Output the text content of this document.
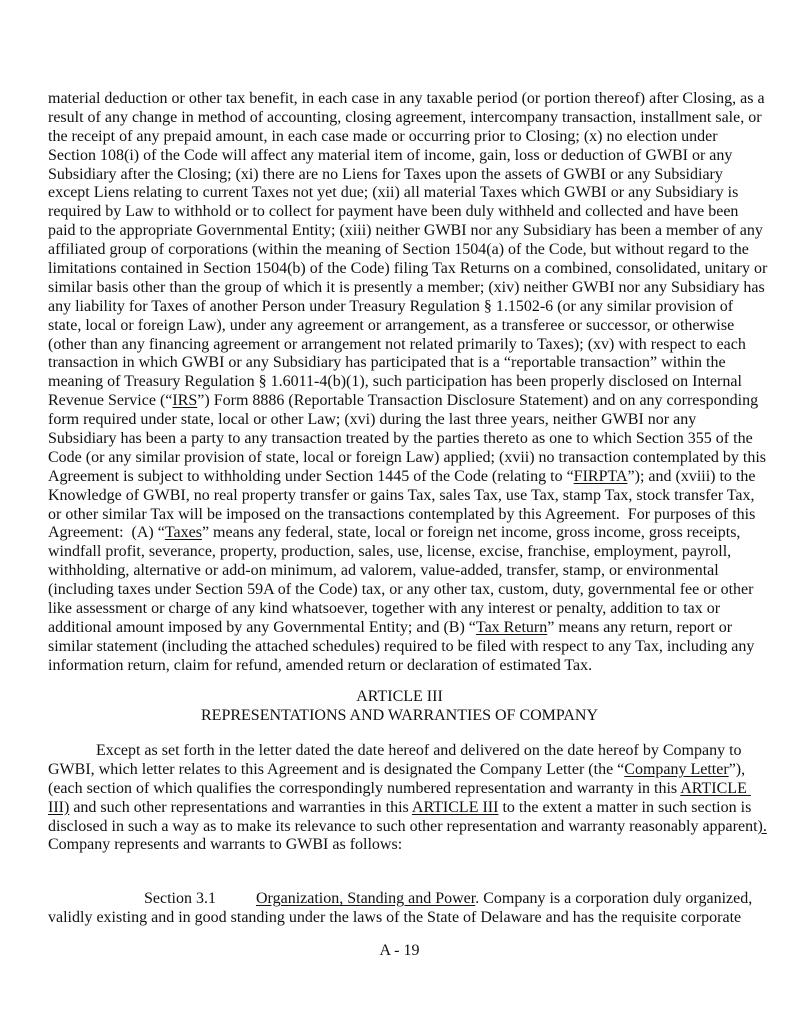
material deduction or other tax benefit, in each case in any taxable period (or portion thereof) after Closing, as a
result of any change in method of accounting, closing agreement, intercompany transaction, installment sale, or
the receipt of any prepaid amount, in each case made or occurring prior to Closing; (x) no election under
Section 108(i) of the Code will affect any material item of income, gain, loss or deduction of GWBI or any
Subsidiary after the Closing; (xi) there are no Liens for Taxes upon the assets of GWBI or any Subsidiary
except Liens relating to current Taxes not yet due; (xii) all material Taxes which GWBI or any Subsidiary is
required by Law to withhold or to collect for payment have been duly withheld and collected and have been
paid to the appropriate Governmental Entity; (xiii) neither GWBI nor any Subsidiary has been a member of any
affiliated group of corporations (within the meaning of Section 1504(a) of the Code, but without regard to the
limitations contained in Section 1504(b) of the Code) filing Tax Returns on a combined, consolidated, unitary or
similar basis other than the group of which it is presently a member; (xiv) neither GWBI nor any Subsidiary has
any liability for Taxes of another Person under Treasury Regulation § 1.1502-6 (or any similar provision of
state, local or foreign Law), under any agreement or arrangement, as a transferee or successor, or otherwise
(other than any financing agreement or arrangement not related primarily to Taxes); (xv) with respect to each
transaction in which GWBI or any Subsidiary has participated that is a “reportable transaction” within the
meaning of Treasury Regulation § 1.6011-4(b)(1), such participation has been properly disclosed on Internal
Revenue Service (“IRS”) Form 8886 (Reportable Transaction Disclosure Statement) and on any corresponding
form required under state, local or other Law; (xvi) during the last three years, neither GWBI nor any
Subsidiary has been a party to any transaction treated by the parties thereto as one to which Section 355 of the
Code (or any similar provision of state, local or foreign Law) applied; (xvii) no transaction contemplated by this
Agreement is subject to withholding under Section 1445 of the Code (relating to “FIRPTA”); and (xviii) to the
Knowledge of GWBI, no real property transfer or gains Tax, sales Tax, use Tax, stamp Tax, stock transfer Tax,
or other similar Tax will be imposed on the transactions contemplated by this Agreement.  For purposes of this
Agreement:  (A) “Taxes” means any federal, state, local or foreign net income, gross income, gross receipts,
windfall profit, severance, property, production, sales, use, license, excise, franchise, employment, payroll,
withholding, alternative or add-on minimum, ad valorem, value-added, transfer, stamp, or environmental
(including taxes under Section 59A of the Code) tax, or any other tax, custom, duty, governmental fee or other
like assessment or charge of any kind whatsoever, together with any interest or penalty, addition to tax or
additional amount imposed by any Governmental Entity; and (B) “Tax Return” means any return, report or
similar statement (including the attached schedules) required to be filed with respect to any Tax, including any
information return, claim for refund, amended return or declaration of estimated Tax.
ARTICLE III
REPRESENTATIONS AND WARRANTIES OF COMPANY
Except as set forth in the letter dated the date hereof and delivered on the date hereof by Company to
GWBI, which letter relates to this Agreement and is designated the Company Letter (the “Company Letter”),
(each section of which qualifies the correspondingly numbered representation and warranty in this ARTICLE
III) and such other representations and warranties in this ARTICLE III to the extent a matter in such section is
disclosed in such a way as to make its relevance to such other representation and warranty reasonably apparent).
Company represents and warrants to GWBI as follows:
Section 3.1          Organization, Standing and Power. Company is a corporation duly organized,
validly existing and in good standing under the laws of the State of Delaware and has the requisite corporate
A - 19
